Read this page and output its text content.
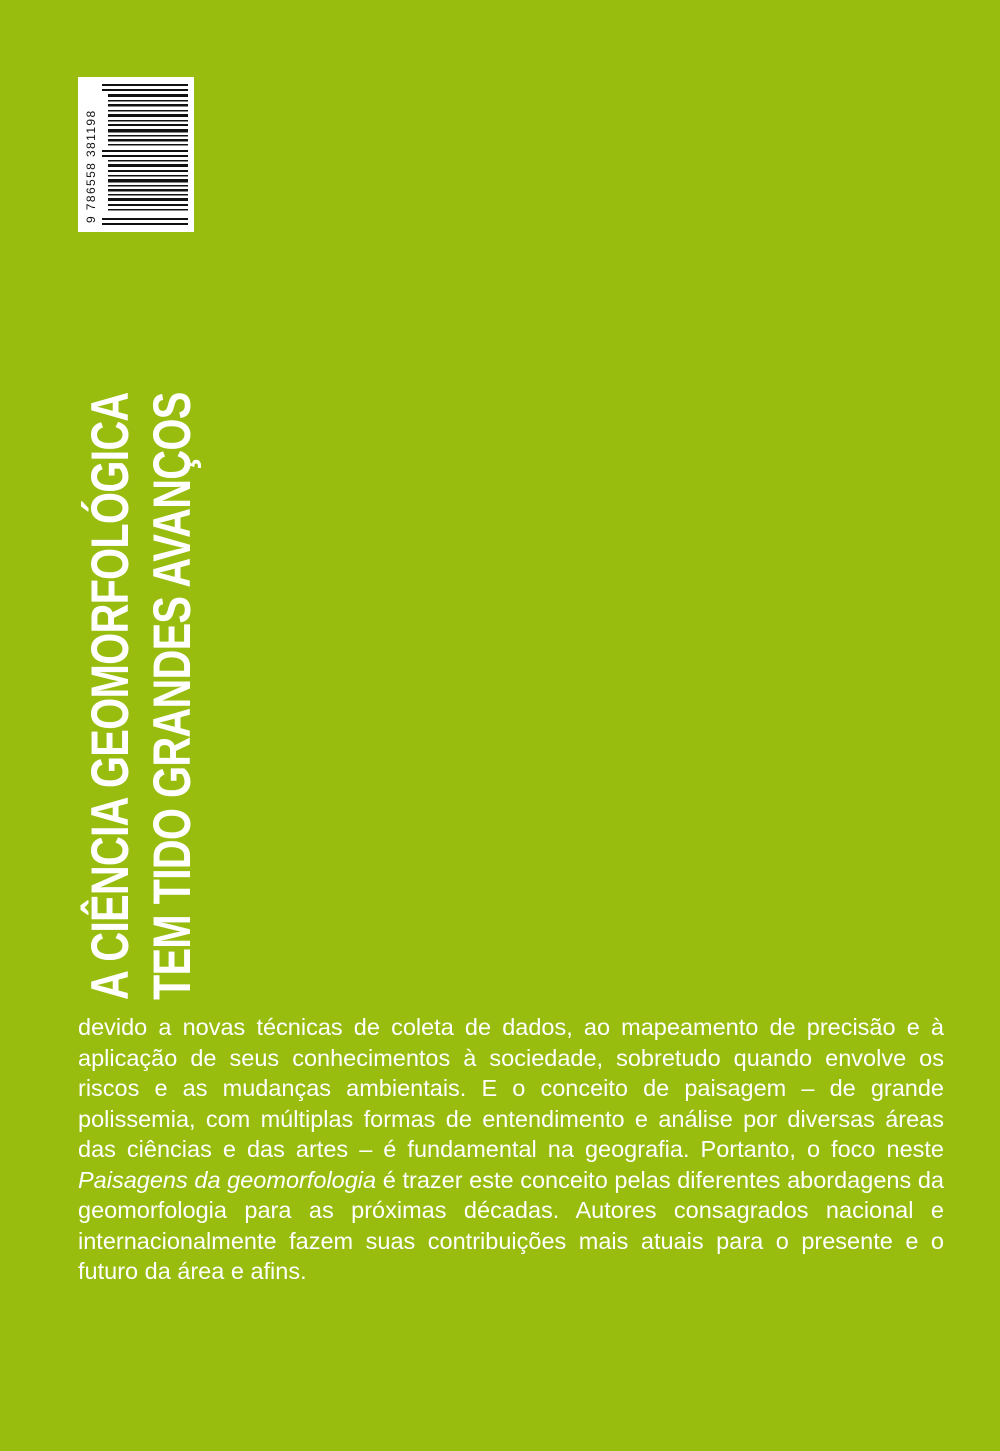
9 786558 381198
A CIÊNCIA GEOMORFOLÓGICA TEM TIDO GRANDES AVANÇOS
devido a novas técnicas de coleta de dados, ao mapeamento de precisão e à aplicação de seus conhecimentos à sociedade, sobretudo quando envolve os riscos e as mudanças ambientais. E o conceito de paisagem – de grande polissemia, com múltiplas formas de entendimento e análise por diversas áreas das ciências e das artes – é fundamental na geografia. Portanto, o foco neste Paisagens da geomorfologia é trazer este conceito pelas diferentes abordagens da geomorfologia para as próximas décadas. Autores consagrados nacional e internacionalmente fazem suas contribuições mais atuais para o presente e o futuro da área e afins.
